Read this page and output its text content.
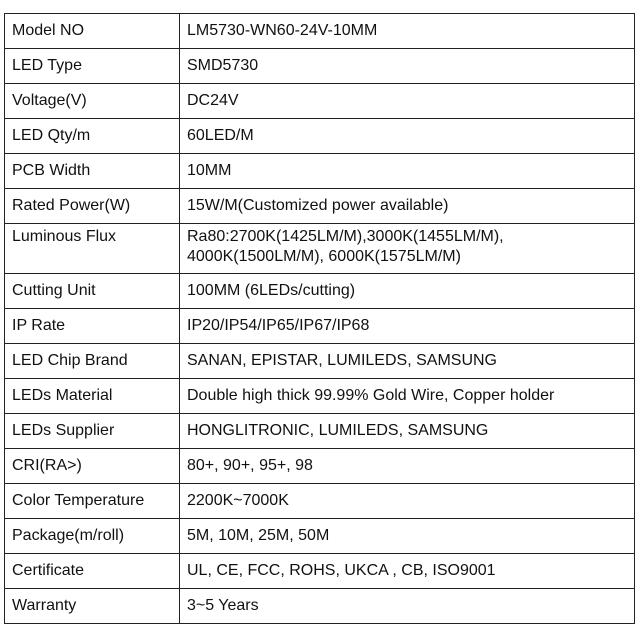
Model NO	LM5730-WN60-24V-10MM

LED Type	SMD5730

Voltage(V)	DC24V

LED Qty/m	60LED/M

PCB Width	10MM

Rated Power(W)	15W/M(Customized power available)

Luminous Flux	Ra80:2700K(1425LM/M),3000K(1455LM/M),
4000K(1500LM/M), 6000K(1575LM/M)

Cutting Unit	100MM (6LEDs/cutting)

IP Rate	IP20/IP54/IP65/IP67/IP68

LED Chip Brand	SANAN, EPISTAR, LUMILEDS, SAMSUNG

LEDs Material	Double high thick 99.99% Gold Wire, Copper holder

LEDs Supplier	HONGLITRONIC, LUMILEDS, SAMSUNG

CRI(RA>)	80+, 90+, 95+, 98

Color Temperature	2200K~7000K

Package(m/roll)	5M, 10M, 25M, 50M

Certificate	UL, CE, FCC, ROHS, UKCA , CB, ISO9001

Warranty	3~5 Years
